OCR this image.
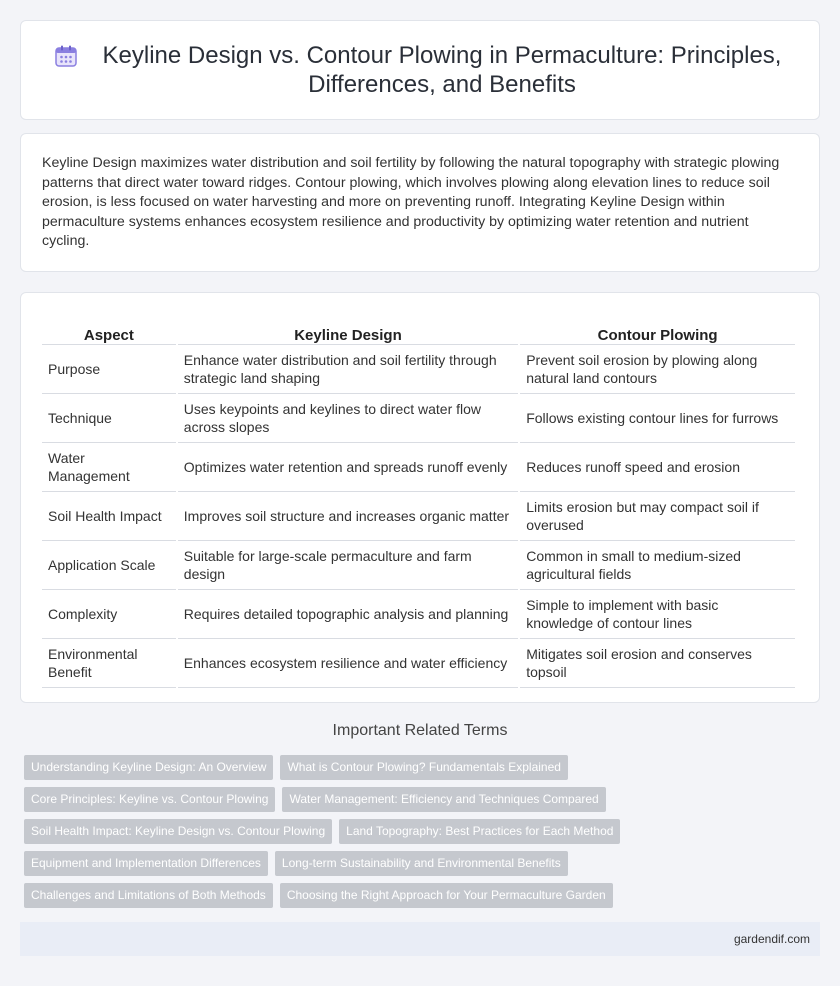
Keyline Design vs. Contour Plowing in Permaculture: Principles, Differences, and Benefits

Keyline Design maximizes water distribution and soil fertility by following the natural topography with strategic plowing patterns that direct water toward ridges. Contour plowing, which involves plowing along elevation lines to reduce soil erosion, is less focused on water harvesting and more on preventing runoff. Integrating Keyline Design within permaculture systems enhances ecosystem resilience and productivity by optimizing water retention and nutrient cycling.

Aspect	Keyline Design	Contour Plowing
Purpose	Enhance water distribution and soil fertility through strategic land shaping	Prevent soil erosion by plowing along natural land contours
Technique	Uses keypoints and keylines to direct water flow across slopes	Follows existing contour lines for furrows
Water Management	Optimizes water retention and spreads runoff evenly	Reduces runoff speed and erosion
Soil Health Impact	Improves soil structure and increases organic matter	Limits erosion but may compact soil if overused
Application Scale	Suitable for large-scale permaculture and farm design	Common in small to medium-sized agricultural fields
Complexity	Requires detailed topographic analysis and planning	Simple to implement with basic knowledge of contour lines
Environmental Benefit	Enhances ecosystem resilience and water efficiency	Mitigates soil erosion and conserves topsoil
Important Related Terms
Understanding Keyline Design: An Overview	What is Contour Plowing? Fundamentals Explained
Core Principles: Keyline vs. Contour Plowing	Water Management: Efficiency and Techniques Compared
Soil Health Impact: Keyline Design vs. Contour Plowing	Land Topography: Best Practices for Each Method
Equipment and Implementation Differences	Long-term Sustainability and Environmental Benefits
Challenges and Limitations of Both Methods	Choosing the Right Approach for Your Permaculture Garden
gardendif.com
